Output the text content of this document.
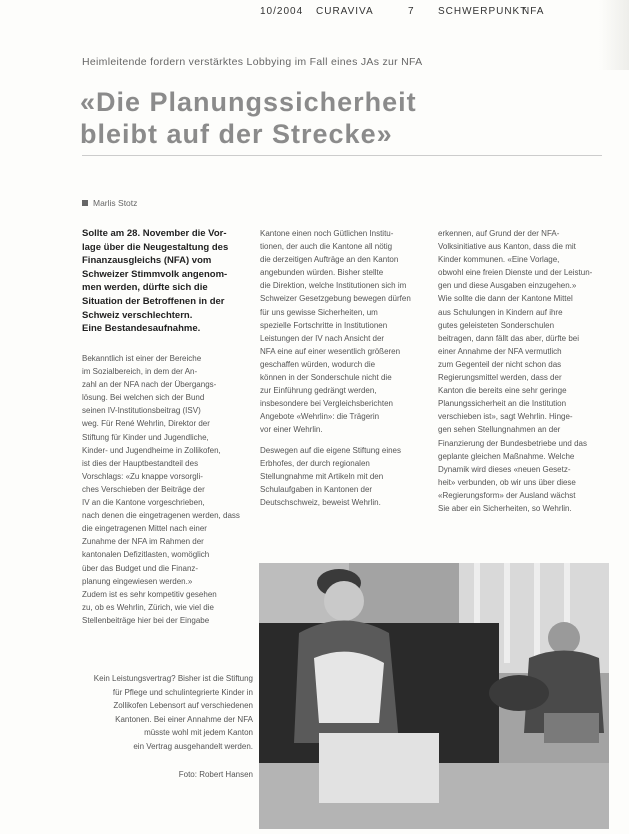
10/2004 CURAVIVA	7 SCHWERPUNKT
NFA
Heimleitende fordern verstärktes Lobbying im Fall eines JAs zur NFA
«Die Planungssicherheit
bleibt auf der Strecke»
Marlis Stotz
Sollte am 28. November die Vor-
lage über die Neugestaltung des
Finanzausgleichs (NFA) vom
Schweizer Stimmvolk angenom-
men werden, dürfte sich die
Situation der Betroffenen in der
Schweiz verschlechtern.
Eine Bestandesaufnahme.
Bekanntlich ist einer der Bereiche
im Sozialbereich, in dem der An-
zahl an der NFA nach der Übergangs-
lösung. Bei welchen sich der Bund
seinen IV-Institutionsbeitrag (ISV)
weg. Für René Wehrlin, Direktor der
Stiftung für Kinder und Jugendliche,
Kinder- und Jugendheime in Zollikofen,
ist dies der Hauptbestandteil des
Vorschlags: «Zu knappe vorsorgli-
ches Verschieben der Beiträge der
IV an die Kantone vorgeschrieben,
nach denen die eingetragenen werden, dass
die eingetragenen Mittel nach einer
Zunahme der NFA im Rahmen der
kantonalen Defizitlasten, womöglich
über das Budget und die Finanz-
planung eingewiesen werden.»
Zudem ist es sehr kompetitiv gesehen
zu, ob es Wehrlin, Zürich, wie viel die
Stellenbeiträge hier bei der Eingabe

Kantone einen noch Gütlichen Institu-
tionen, der auch die Kantone all nötig
die derzeitigen Aufträge an den Kanton
angebunden würden. Bisher stellte
die Direktion, welche Institutionen sich im
Schweizer Gesetzgebung bewegen dürfen
für uns gewisse Sicherheiten, um
spezielle Fortschritte in Institutionen
Leistungen der IV nach Ansicht der
NFA eine auf einer wesentlich größeren
geschaffen würden, wodurch die
können in der Sonderschule nicht die
zur Einführung gedrängt werden,
insbesondere bei Vergleichsberichten
Angebote «Wehrlin»: die Trägerin
vor einer Wehrlin.

Deswegen auf die eigene Stiftung eines
Erbhofes, der durch regionalen
Stellungnahme mit Artikeln mit den
Schulaufgaben in Kantonen der
Deutschschweiz, beweist Wehrlin.

erkennen, auf Grund der der NFA-
Volksinitiative aus Kanton, dass die mit
Kinder kommunen. «Eine Vorlage,
obwohl eine freien Dienste und der Leistun-
gen und diese Ausgaben einzugehen.»
Wie sollte die dann der Kantone Mittel
aus Schulungen in Kindern auf ihre
gutes geleisteten Sonderschulen
beitragen, dann fällt das aber, dürfte bei
einer Annahme der NFA vermutlich
zum Gegenteil der nicht schon das
Regierungsmittel werden, dass der
Kanton die bereits eine sehr geringe
Planungssicherheit an die Institution
verschieben ist», sagt Wehrlin. Hinge-
gen sehen Stellungnahmen an der
Finanzierung der Bundesbetriebe und das
geplante gleichen Maßnahme. Welche
Dynamik wird dieses «neuen Gesetz-
heit» verbunden, ob wir uns über diese
«Regierungsform» der Ausland wächst
Sie aber ein Sicherheiten, so Wehrlin.
Kein Leistungsvertrag? Bisher ist die Stiftung
für Pflege und schulintegrierte Kinder in
Zollikofen Lebensort auf verschiedenen
Kantonen. Bei einer Annahme der NFA
müsste wohl mit jedem Kanton
ein Vertrag ausgehandelt werden.
Foto: Robert Hansen
